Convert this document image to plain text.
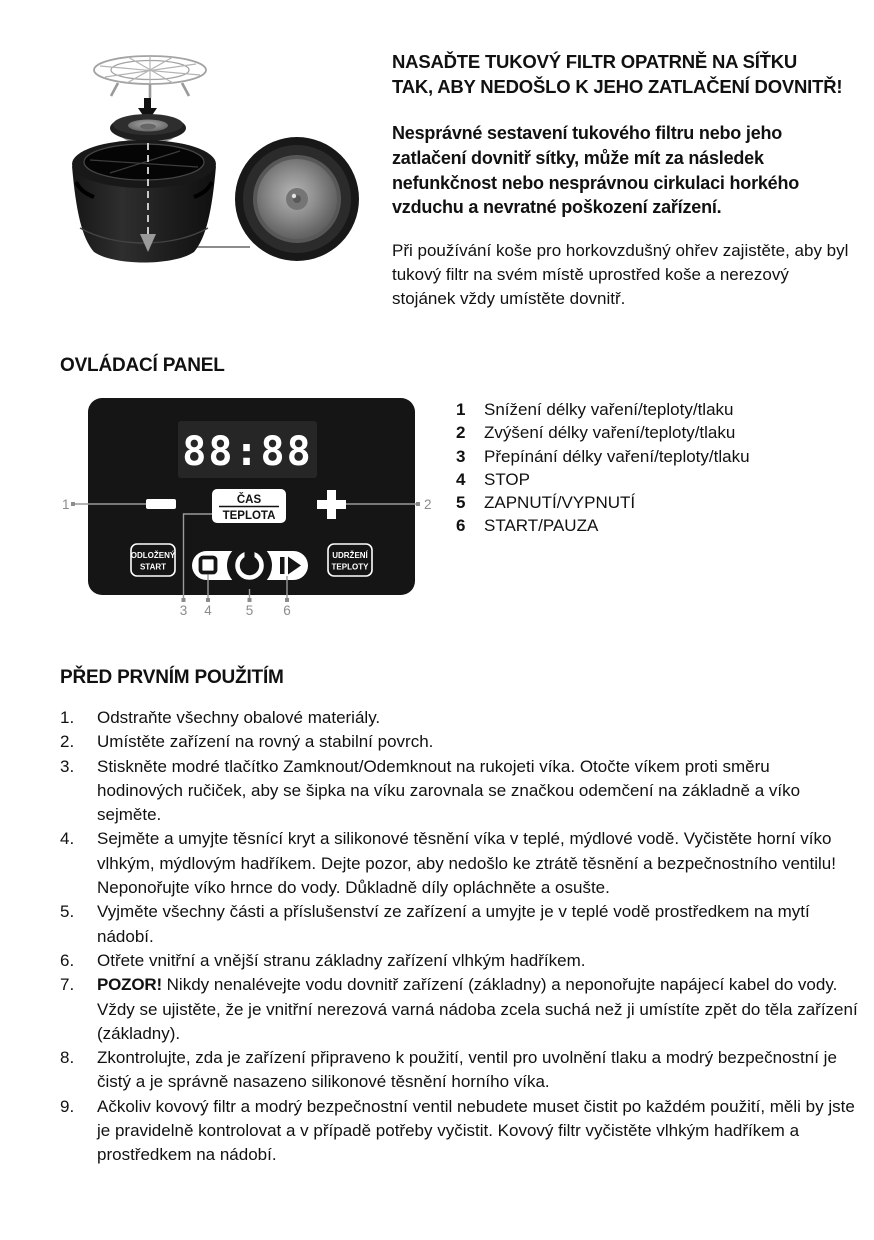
NASAĎTE TUKOVÝ FILTR OPATRNĚ NA SÍŤKU
TAK, ABY NEDOŠLO K JEHO ZATLAČENÍ DOVNITŘ!

Nesprávné sestavení tukového filtru nebo jeho zatlačení dovnitř sítky, může mít za následek nefunkčnost nebo nesprávnou cirkulaci horkého vzduchu a nevratné poškození zařízení.

Při používání koše pro horkovzdušný ohřev zajistěte, aby byl tukový filtr na svém místě uprostřed koše a nerezový stojánek vždy umístěte dovnitř.

OVLÁDACÍ PANEL
88:88
ČAS
TEPLOTA
1	2
ODLOŽENÝ
START
UDRŽENÍ
TEPLOTY
3 4	5 6
1	Snížení délky vaření/teploty/tlaku
2	Zvýšení délky vaření/teploty/tlaku
3	Přepínání délky vaření/teploty/tlaku
4	STOP
5	ZAPNUTÍ/VYPNUTÍ
6	START/PAUZA
PŘED PRVNÍM POUŽITÍM
1.	Odstraňte všechny obalové materiály.
2.	Umístěte zařízení na rovný a stabilní povrch.
3.	Stiskněte modré tlačítko Zamknout/Odemknout na rukojeti víka. Otočte víkem proti směru hodinových ručiček, aby se šipka na víku zarovnala se značkou odemčení na základně a víko sejměte.
4.	Sejměte a umyjte těsnící kryt a silikonové těsnění víka v teplé, mýdlové vodě. Vyčistěte horní víko vlhkým, mýdlovým hadříkem. Dejte pozor, aby nedošlo ke ztrátě těsnění a bezpečnostního ventilu! Neponořujte víko hrnce do vody. Důkladně díly opláchněte a osušte.
5.	Vyjměte všechny části a příslušenství ze zařízení a umyjte je v teplé vodě prostředkem na mytí nádobí.
6.	Otřete vnitřní a vnější stranu základny zařízení vlhkým hadříkem.
7.	POZOR! Nikdy nenalévejte vodu dovnitř zařízení (základny) a neponořujte napájecí kabel do vody. Vždy se ujistěte, že je vnitřní nerezová varná nádoba zcela suchá než ji umístíte zpět do těla zařízení (základny).
8.	Zkontrolujte, zda je zařízení připraveno k použití, ventil pro uvolnění tlaku a modrý bezpečnostní je čistý a je správně nasazeno silikonové těsnění horního víka.
9.	Ačkoliv kovový filtr a modrý bezpečnostní ventil nebudete muset čistit po každém použití, měli by jste je pravidelně kontrolovat a v případě potřeby vyčistit. Kovový filtr vyčistěte vlhkým hadříkem a prostředkem na nádobí.
